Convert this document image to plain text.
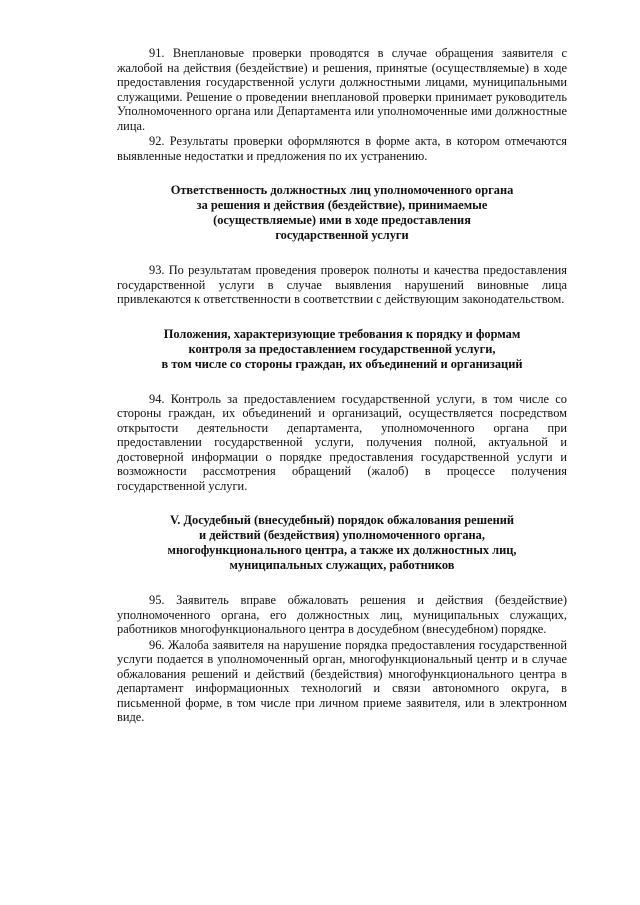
91. Внеплановые проверки проводятся в случае обращения заявителя с жалобой на действия (бездействие) и решения, принятые (осуществляемые) в ходе предоставления государственной услуги должностными лицами, муниципальными служащими. Решение о проведении внеплановой проверки принимает руководитель Уполномоченного органа или Департамента или уполномоченные ими должностные лица.

92. Результаты проверки оформляются в форме акта, в котором отмечаются выявленные недостатки и предложения по их устранению.

Ответственность должностных лиц уполномоченного органа
за решения и действия (бездействие), принимаемые
(осуществляемые) ими в ходе предоставления
государственной услуги

93. По результатам проведения проверок полноты и качества предоставления государственной услуги в случае выявления нарушений виновные лица привлекаются к ответственности в соответствии с действующим законодательством.

Положения, характеризующие требования к порядку и формам
контроля за предоставлением государственной услуги,
в том числе со стороны граждан, их объединений и организаций

94. Контроль за предоставлением государственной услуги, в том числе со стороны граждан, их объединений и организаций, осуществляется посредством открытости деятельности департамента, уполномоченного органа при предоставлении государственной услуги, получения полной, актуальной и достоверной информации о порядке предоставления государственной услуги и возможности рассмотрения обращений (жалоб) в процессе получения государственной услуги.

V. Досудебный (внесудебный) порядок обжалования решений
и действий (бездействия) уполномоченного органа,
многофункционального центра, а также их должностных лиц,
муниципальных служащих, работников

95. Заявитель вправе обжаловать решения и действия (бездействие) уполномоченного органа, его должностных лиц, муниципальных служащих, работников многофункционального центра в досудебном (внесудебном) порядке.

96. Жалоба заявителя на нарушение порядка предоставления государственной услуги подается в уполномоченный орган, многофункциональный центр и в случае обжалования решений и действий (бездействия) многофункционального центра в департамент информационных технологий и связи автономного округа, в письменной форме, в том числе при личном приеме заявителя, или в электронном виде.
